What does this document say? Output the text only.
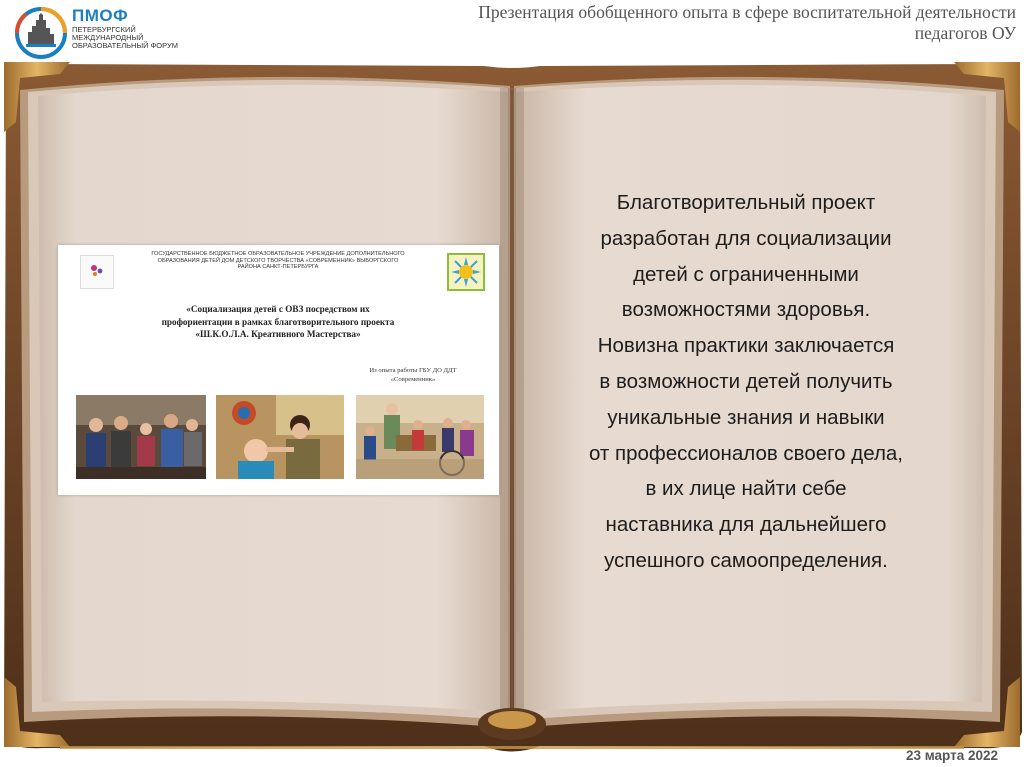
ПМОФ
ПЕТЕРБУРГСКИЙ МЕЖДУНАРОДНЫЙ ОБРАЗОВАТЕЛЬНЫЙ ФОРУМ
Презентация обобщенного опыта в сфере воспитательной деятельности педагогов ОУ
ГОСУДАРСТВЕННОЕ БЮДЖЕТНОЕ ОБРАЗОВАТЕЛЬНОЕ УЧРЕЖДЕНИЕ ДОПОЛНИТЕЛЬНОГО ОБРАЗОВАНИЯ ДЕТЕЙ ДОМ ДЕТСКОГО ТВОРЧЕСТВА «СОВРЕМЕННИК» ВЫБОРГСКОГО РАЙОНА САНКТ-ПЕТЕРБУРГА
«Социализация детей с ОВЗ посредством их профориентации в рамках благотворительного проекта «Ш.К.О.Л.А. Креативного Мастерства»
Из опыта работы ГБУ ДО ДДТ «Современник»
Благотворительный проект
разработан для социализации
детей с ограниченными
возможностями здоровья.
Новизна практики заключается
в возможности детей получить
уникальные знания и навыки
от профессионалов своего дела,
в их лице найти себе
наставника для дальнейшего
успешного самоопределения.
23 марта 2022
